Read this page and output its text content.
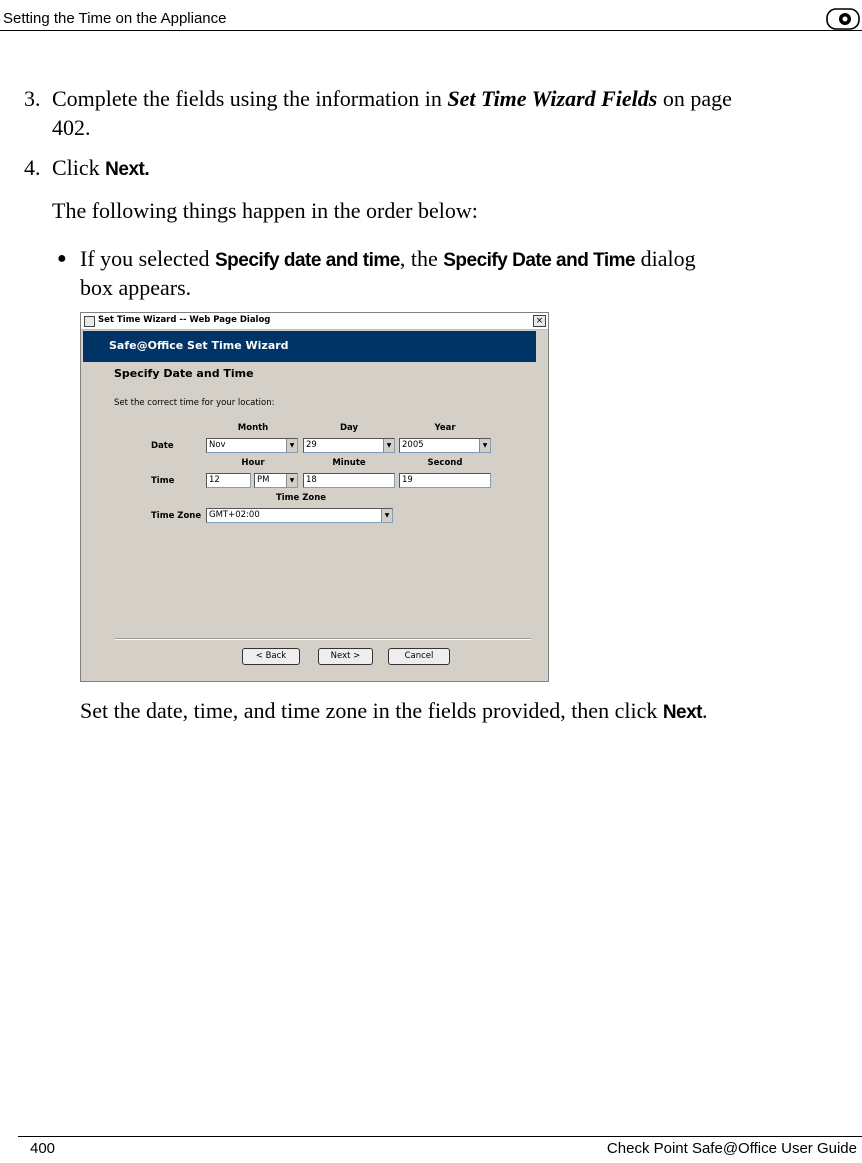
Setting the Time on the Appliance
3. Complete the fields using the information in Set Time Wizard Fields on page
402.
4. Click Next.
The following things happen in the order below:
● If you selected Specify date and time, the Specify Date and Time dialog
box appears.
Set Time Wizard -- Web Page Dialog	×
Safe@Office Set Time Wizard
Specify Date and Time
Set the correct time for your location:
Month	Day	Year
Date	Nov	▼	29	▼	2005	▼
Hour	Minute	Second
Time	12	PM	▼	18	19
Time Zone
Time Zone GMT+02:00	▼
< Back	Next >	Cancel
Set the date, time, and time zone in the fields provided, then click Next.
400	Check Point Safe@Office User Guide
